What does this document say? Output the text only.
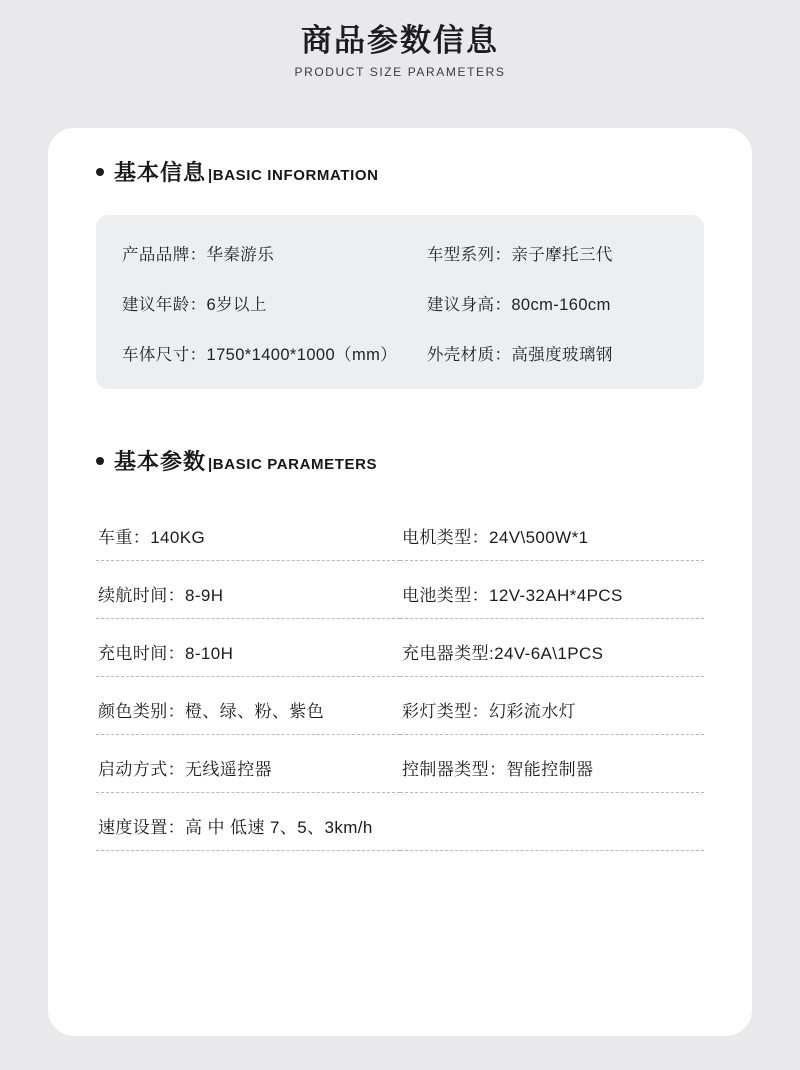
商品参数信息
PRODUCT SIZE PARAMETERS
基本信息 |BASIC INFORMATION
产品品牌：华秦游乐	车型系列：亲子摩托三代
建议年龄：6岁以上	建议身高：80cm-160cm
车体尺寸：1750*1400*1000（mm）	外壳材质：高强度玻璃钢
基本参数 |BASIC PARAMETERS
车重：140KG	电机类型：24V\500W*1
续航时间：8-9H	电池类型：12V-32AH*4PCS
充电时间：8-10H	充电器类型:24V-6A\1PCS
颜色类别：橙、绿、粉、紫色	彩灯类型：幻彩流水灯
启动方式：无线遥控器	控制器类型：智能控制器
速度设置：高 中 低速 7、5、3km/h
